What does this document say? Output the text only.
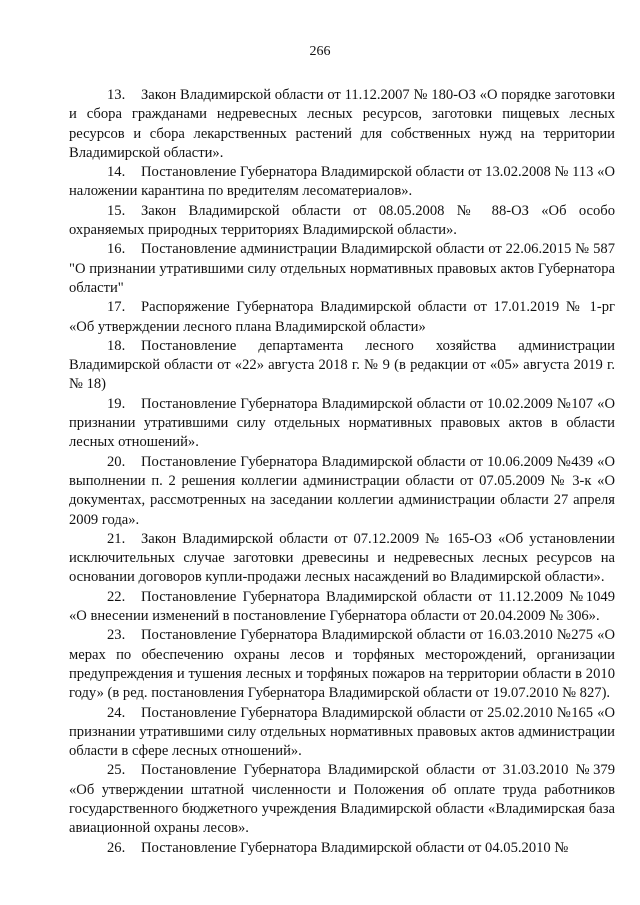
266

13. Закон Владимирской области от 11.12.2007 № 180-ОЗ «О порядке заготовки и сбора гражданами недревесных лесных ресурсов, заготовки пищевых лесных ресурсов и сбора лекарственных растений для собственных нужд на территории Владимирской области».

14. Постановление Губернатора Владимирской области от 13.02.2008 № 113 «О наложении карантина по вредителям лесоматериалов».

15. Закон Владимирской области от 08.05.2008 № 88-ОЗ «Об особо охраняемых природных территориях Владимирской области».

16. Постановление администрации Владимирской области от 22.06.2015 № 587 "О признании утратившими силу отдельных нормативных правовых актов Губернатора области"

17. Распоряжение Губернатора Владимирской области от 17.01.2019 № 1-рг «Об утверждении лесного плана Владимирской области»

18. Постановление департамента лесного хозяйства администрации Владимирской области от «22» августа 2018 г. № 9 (в редакции от «05» августа 2019 г. № 18)

19. Постановление Губернатора Владимирской области от 10.02.2009 №107 «О признании утратившими силу отдельных нормативных правовых актов в области лесных отношений».

20. Постановление Губернатора Владимирской области от 10.06.2009 №439 «О выполнении п. 2 решения коллегии администрации области от 07.05.2009 № 3-к «О документах, рассмотренных на заседании коллегии администрации области 27 апреля 2009 года».

21. Закон Владимирской области от 07.12.2009 № 165-ОЗ «Об установлении исключительных случае заготовки древесины и недревесных лесных ресурсов на основании договоров купли-продажи лесных насаждений во Владимирской области».

22. Постановление Губернатора Владимирской области от 11.12.2009 №1049 «О внесении изменений в постановление Губернатора области от 20.04.2009 № 306».

23. Постановление Губернатора Владимирской области от 16.03.2010 №275 «О мерах по обеспечению охраны лесов и торфяных месторождений, организации предупреждения и тушения лесных и торфяных пожаров на территории области в 2010 году» (в ред. постановления Губернатора Владимирской области от 19.07.2010 № 827).

24. Постановление Губернатора Владимирской области от 25.02.2010 №165 «О признании утратившими силу отдельных нормативных правовых актов администрации области в сфере лесных отношений».

25. Постановление Губернатора Владимирской области от 31.03.2010 №379 «Об утверждении штатной численности и Положения об оплате труда работников государственного бюджетного учреждения Владимирской области «Владимирская база авиационной охраны лесов».

26. Постановление Губернатора Владимирской области от 04.05.2010 №
